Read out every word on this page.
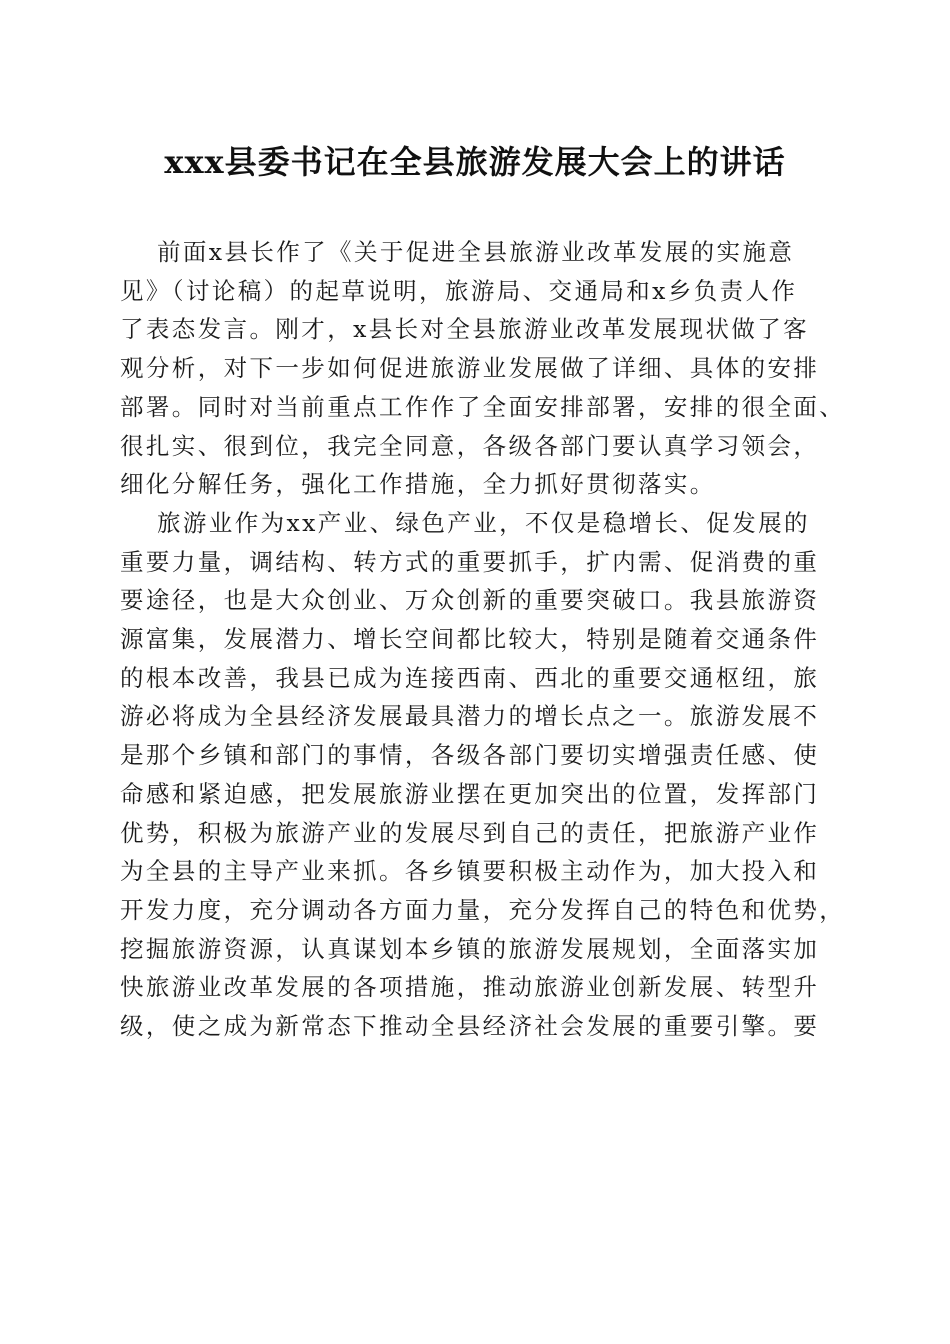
xxx县委书记在全县旅游发展大会上的讲话

前面x县长作了《关于促进全县旅游业改革发展的实施意
见》（讨论稿）的起草说明，旅游局、交通局和x乡负责人作
了表态发言。刚才，x县长对全县旅游业改革发展现状做了客
观分析，对下一步如何促进旅游业发展做了详细、具体的安排
部署。同时对当前重点工作作了全面安排部署，安排的很全面、
很扎实、很到位，我完全同意，各级各部门要认真学习领会，
细化分解任务，强化工作措施，全力抓好贯彻落实。

旅游业作为xx产业、绿色产业，不仅是稳增长、促发展的
重要力量，调结构、转方式的重要抓手，扩内需、促消费的重
要途径，也是大众创业、万众创新的重要突破口。我县旅游资
源富集，发展潜力、增长空间都比较大，特别是随着交通条件
的根本改善，我县已成为连接西南、西北的重要交通枢纽，旅
游必将成为全县经济发展最具潜力的增长点之一。旅游发展不
是那个乡镇和部门的事情，各级各部门要切实增强责任感、使
命感和紧迫感，把发展旅游业摆在更加突出的位置，发挥部门
优势，积极为旅游产业的发展尽到自己的责任，把旅游产业作
为全县的主导产业来抓。各乡镇要积极主动作为，加大投入和
开发力度，充分调动各方面力量，充分发挥自己的特色和优势，
挖掘旅游资源，认真谋划本乡镇的旅游发展规划，全面落实加
快旅游业改革发展的各项措施，推动旅游业创新发展、转型升
级，使之成为新常态下推动全县经济社会发展的重要引擎。要
